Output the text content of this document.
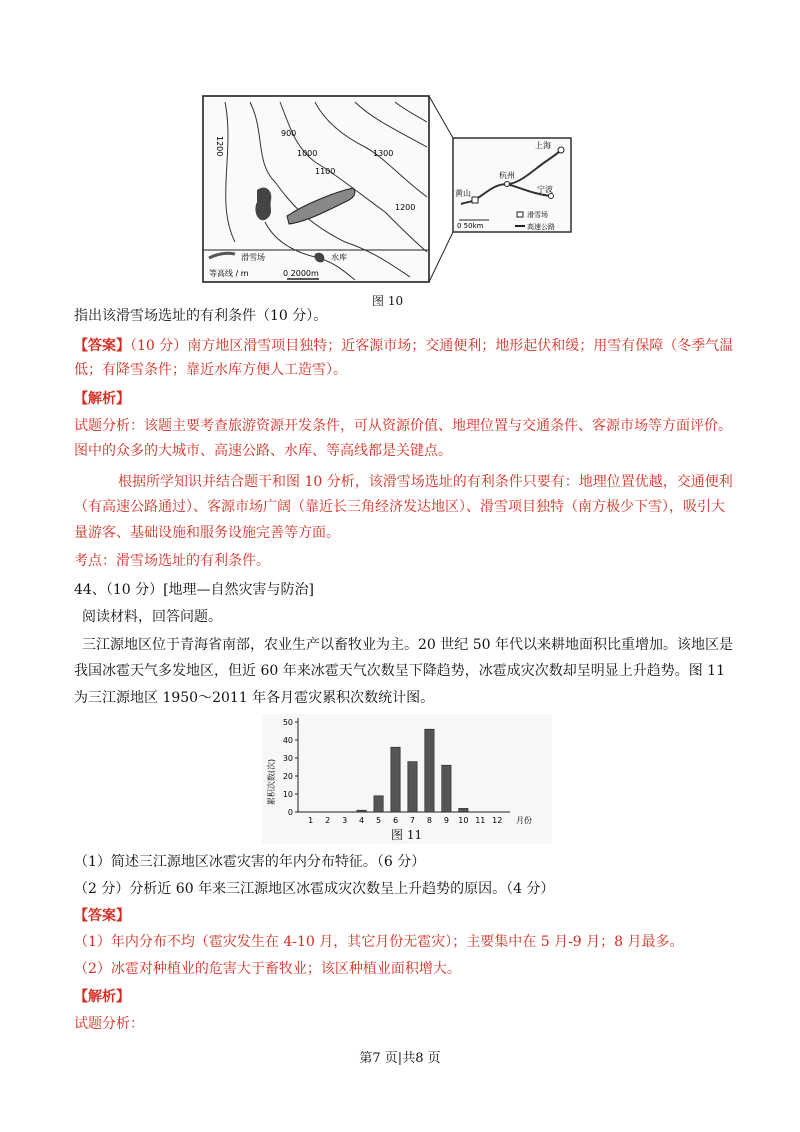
1200
900
1000
1100
1300
1200
滑雪场	水库
等高线 / m	0 2000m
上海
杭州
宁波
黄山
0 50km
滑雪场
高速公路
图 10
指出该滑雪场选址的有利条件（10 分）。
【答案】（10 分）南方地区滑雪项目独特；近客源市场；交通便利；地形起伏和缓；用雪有保障（冬季气温
低；有降雪条件；靠近水库方便人工造雪）。
【解析】
试题分析：该题主要考查旅游资源开发条件，可从资源价值、地理位置与交通条件、客源市场等方面评价。
图中的众多的大城市、高速公路、水库、等高线都是关键点。
根据所学知识并结合题干和图 10 分析，该滑雪场选址的有利条件只要有：地理位置优越，交通便利
（有高速公路通过）、客源市场广阔（靠近长三角经济发达地区）、滑雪项目独特（南方极少下雪），吸引大
量游客、基础设施和服务设施完善等方面。
考点：滑雪场选址的有利条件。
44、（10 分）[地理—自然灾害与防治]
阅读材料，回答问题。
三江源地区位于青海省南部，农业生产以畜牧业为主。20 世纪 50 年代以来耕地面积比重增加。该地区是
我国冰雹天气多发地区，但近 60 年来冰雹天气次数呈下降趋势，冰雹成灾次数却呈明显上升趋势。图 11
为三江源地区 1950～2011 年各月雹灾累积次数统计图。
累积次数(次)
0
10
20
30
40
50
1 2 3 4 5 6 7 8 9 10 11 12 月份
图 11
（1）简述三江源地区冰雹灾害的年内分布特征。（6 分）
（2 分）分析近 60 年来三江源地区冰雹成灾次数呈上升趋势的原因。（4 分）
【答案】
（1）年内分布不均（雹灾发生在 4-10 月，其它月份无雹灾）；主要集中在 5 月-9 月；8 月最多。
（2）冰雹对种植业的危害大于畜牧业；该区种植业面积增大。
【解析】
试题分析：
第7 页|共8 页
